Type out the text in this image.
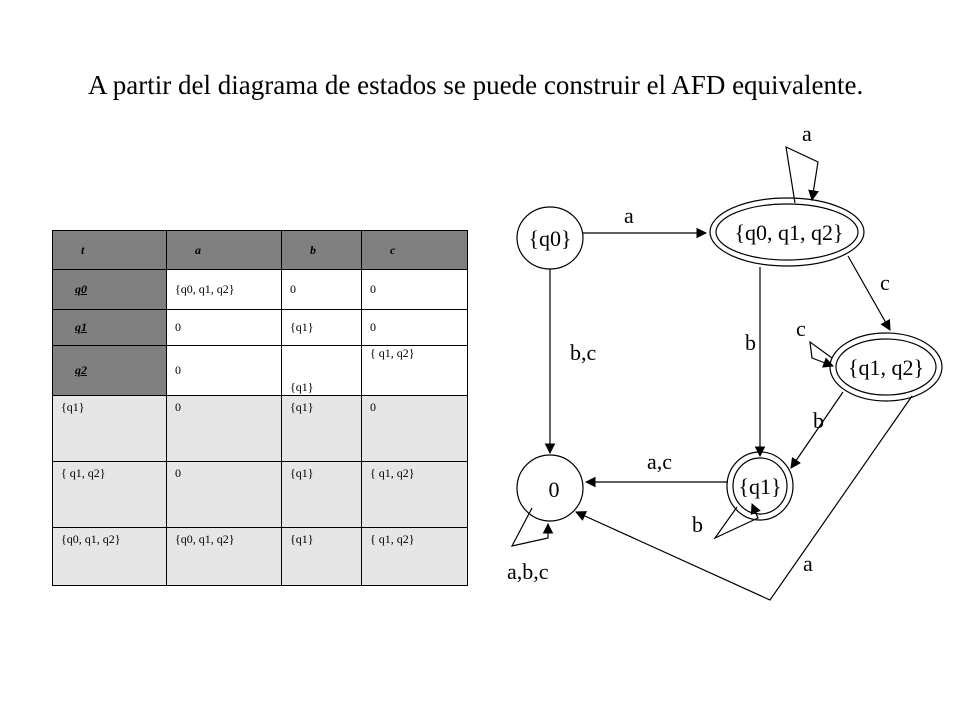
A partir del diagrama de estados se puede construir el AFD equivalente.
t	a	b	c
q0	{q0, q1, q2}	0	0
q1	0	{q1}	0
q2	0	{q1}	{ q1, q2}
{q1}	0	{q1}	0
{ q1, q2}	0	{q1}	{ q1, q2}
{q0, q1, q2}	{q0, q1, q2}	{q1}	{ q1, q2}
{q0}	{q0, q1, q2}
{q1, q2}
{q1}
0
a
a
c
b
b,c
c
b
a
a,c
b
a,b,c
